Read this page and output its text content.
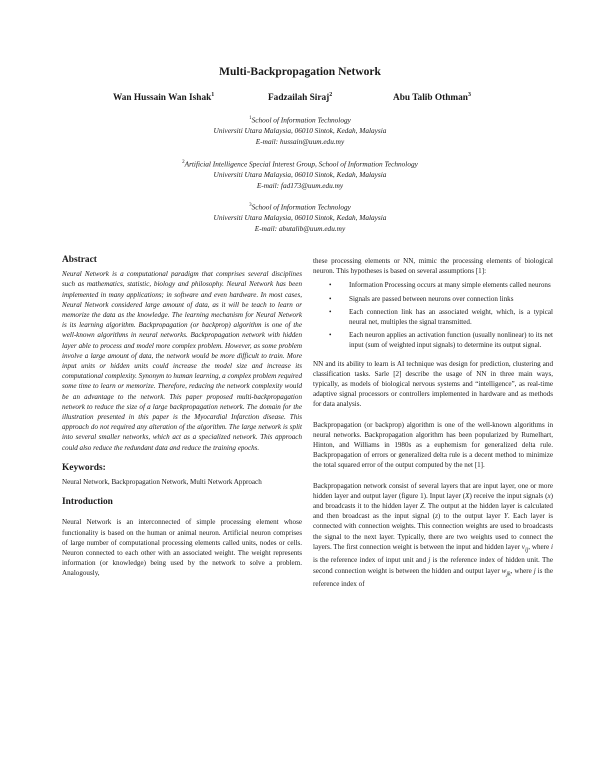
Multi-Backpropagation Network
Wan Hussain Wan Ishak$^1$	Fadzailah Siraj$^2$	Abu Talib Othman$^3$
$^1$School of Information Technology
Universiti Utara Malaysia, 06010 Sintok, Kedah, Malaysia
E-mail: hussain@uum.edu.my
$^2$Artificial Intelligence Special Interest Group, School of Information Technology
Universiti Utara Malaysia, 06010 Sintok, Kedah, Malaysia
E-mail: fad173@uum.edu.my
$^3$School of Information Technology
Universiti Utara Malaysia, 06010 Sintok, Kedah, Malaysia
E-mail: abutalib@uum.edu.my
Abstract

Neural Network is a computational paradigm that comprises several disciplines such as mathematics, statistic, biology and philosophy. Neural Network has been implemented in many applications; in software and even hardware. In most cases, Neural Network considered large amount of data, as it will be teach to learn or memorize the data as the knowledge. The learning mechanism for Neural Network is its learning algorithm. Backpropagation (or backprop) algorithm is one of the well-known algorithms in neural networks. Backpropagation network with hidden layer able to process and model more complex problem. However, as some problem involve a large amount of data, the network would be more difficult to train. More input units or hidden units could increase the model size and increase its computational complexity. Synonym to human learning, a complex problem required some time to learn or memorize. Therefore, reducing the network complexity would be an advantage to the network. This paper proposed multi-backpropagation network to reduce the size of a large backpropagation network. The domain for the illustration presented in this paper is the Myocardial Infarction disease. This approach do not required any alteration of the algorithm. The large network is split into several smaller networks, which act as a specialized network. This approach could also reduce the redundant data and reduce the training epochs.

Keywords:

Neural Network, Backpropagation Network, Multi Network Approach

Introduction

Neural Network is an interconnected of simple processing element whose functionality is based on the human or animal neuron. Artificial neuron comprises of large number of computational processing elements called units, nodes or cells. Neuron connected to each other with an associated weight. The weight represents information (or knowledge) being used by the network to solve a problem. Analogously,

these processing elements or NN, mimic the processing elements of biological neuron. This hypotheses is based on several assumptions [1]:

• Information Processing occurs at many simple elements called neurons
• Signals are passed between neurons over connection links
• Each connection link has an associated weight, which, is a typical neural net, multiples the signal transmitted.
• Each neuron applies an activation function (usually nonlinear) to its net input (sum of weighted input signals) to determine its output signal.

NN and its ability to learn is AI technique was design for prediction, clustering and classification tasks. Sarle [2] describe the usage of NN in three main ways, typically, as models of biological nervous systems and “intelligence”, as real-time adaptive signal processors or controllers implemented in hardware and as methods for data analysis.

Backpropagation (or backprop) algorithm is one of the well-known algorithms in neural networks. Backpropagation algorithm has been popularized by Rumelhart, Hinton, and Williams in 1980s as a euphemism for generalized delta rule. Backpropagation of errors or generalized delta rule is a decent method to minimize the total squared error of the output computed by the net [1].

Backpropagation network consist of several layers that are input layer, one or more hidden layer and output layer (figure 1). Input layer (X) receive the input signals (x) and broadcasts it to the hidden layer Z. The output at the hidden layer is calculated and then broadcast as the input signal (z) to the output layer Y. Each layer is connected with connection weights. This connection weights are used to broadcasts the signal to the next layer. Typically, there are two weights used to connect the layers. The first connection weight is between the input and hidden layer $v_{ij}$, where i is the reference index of input unit and j is the reference index of hidden unit. The second connection weight is between the hidden and output layer $w_{jk}$, where j is the reference index of
